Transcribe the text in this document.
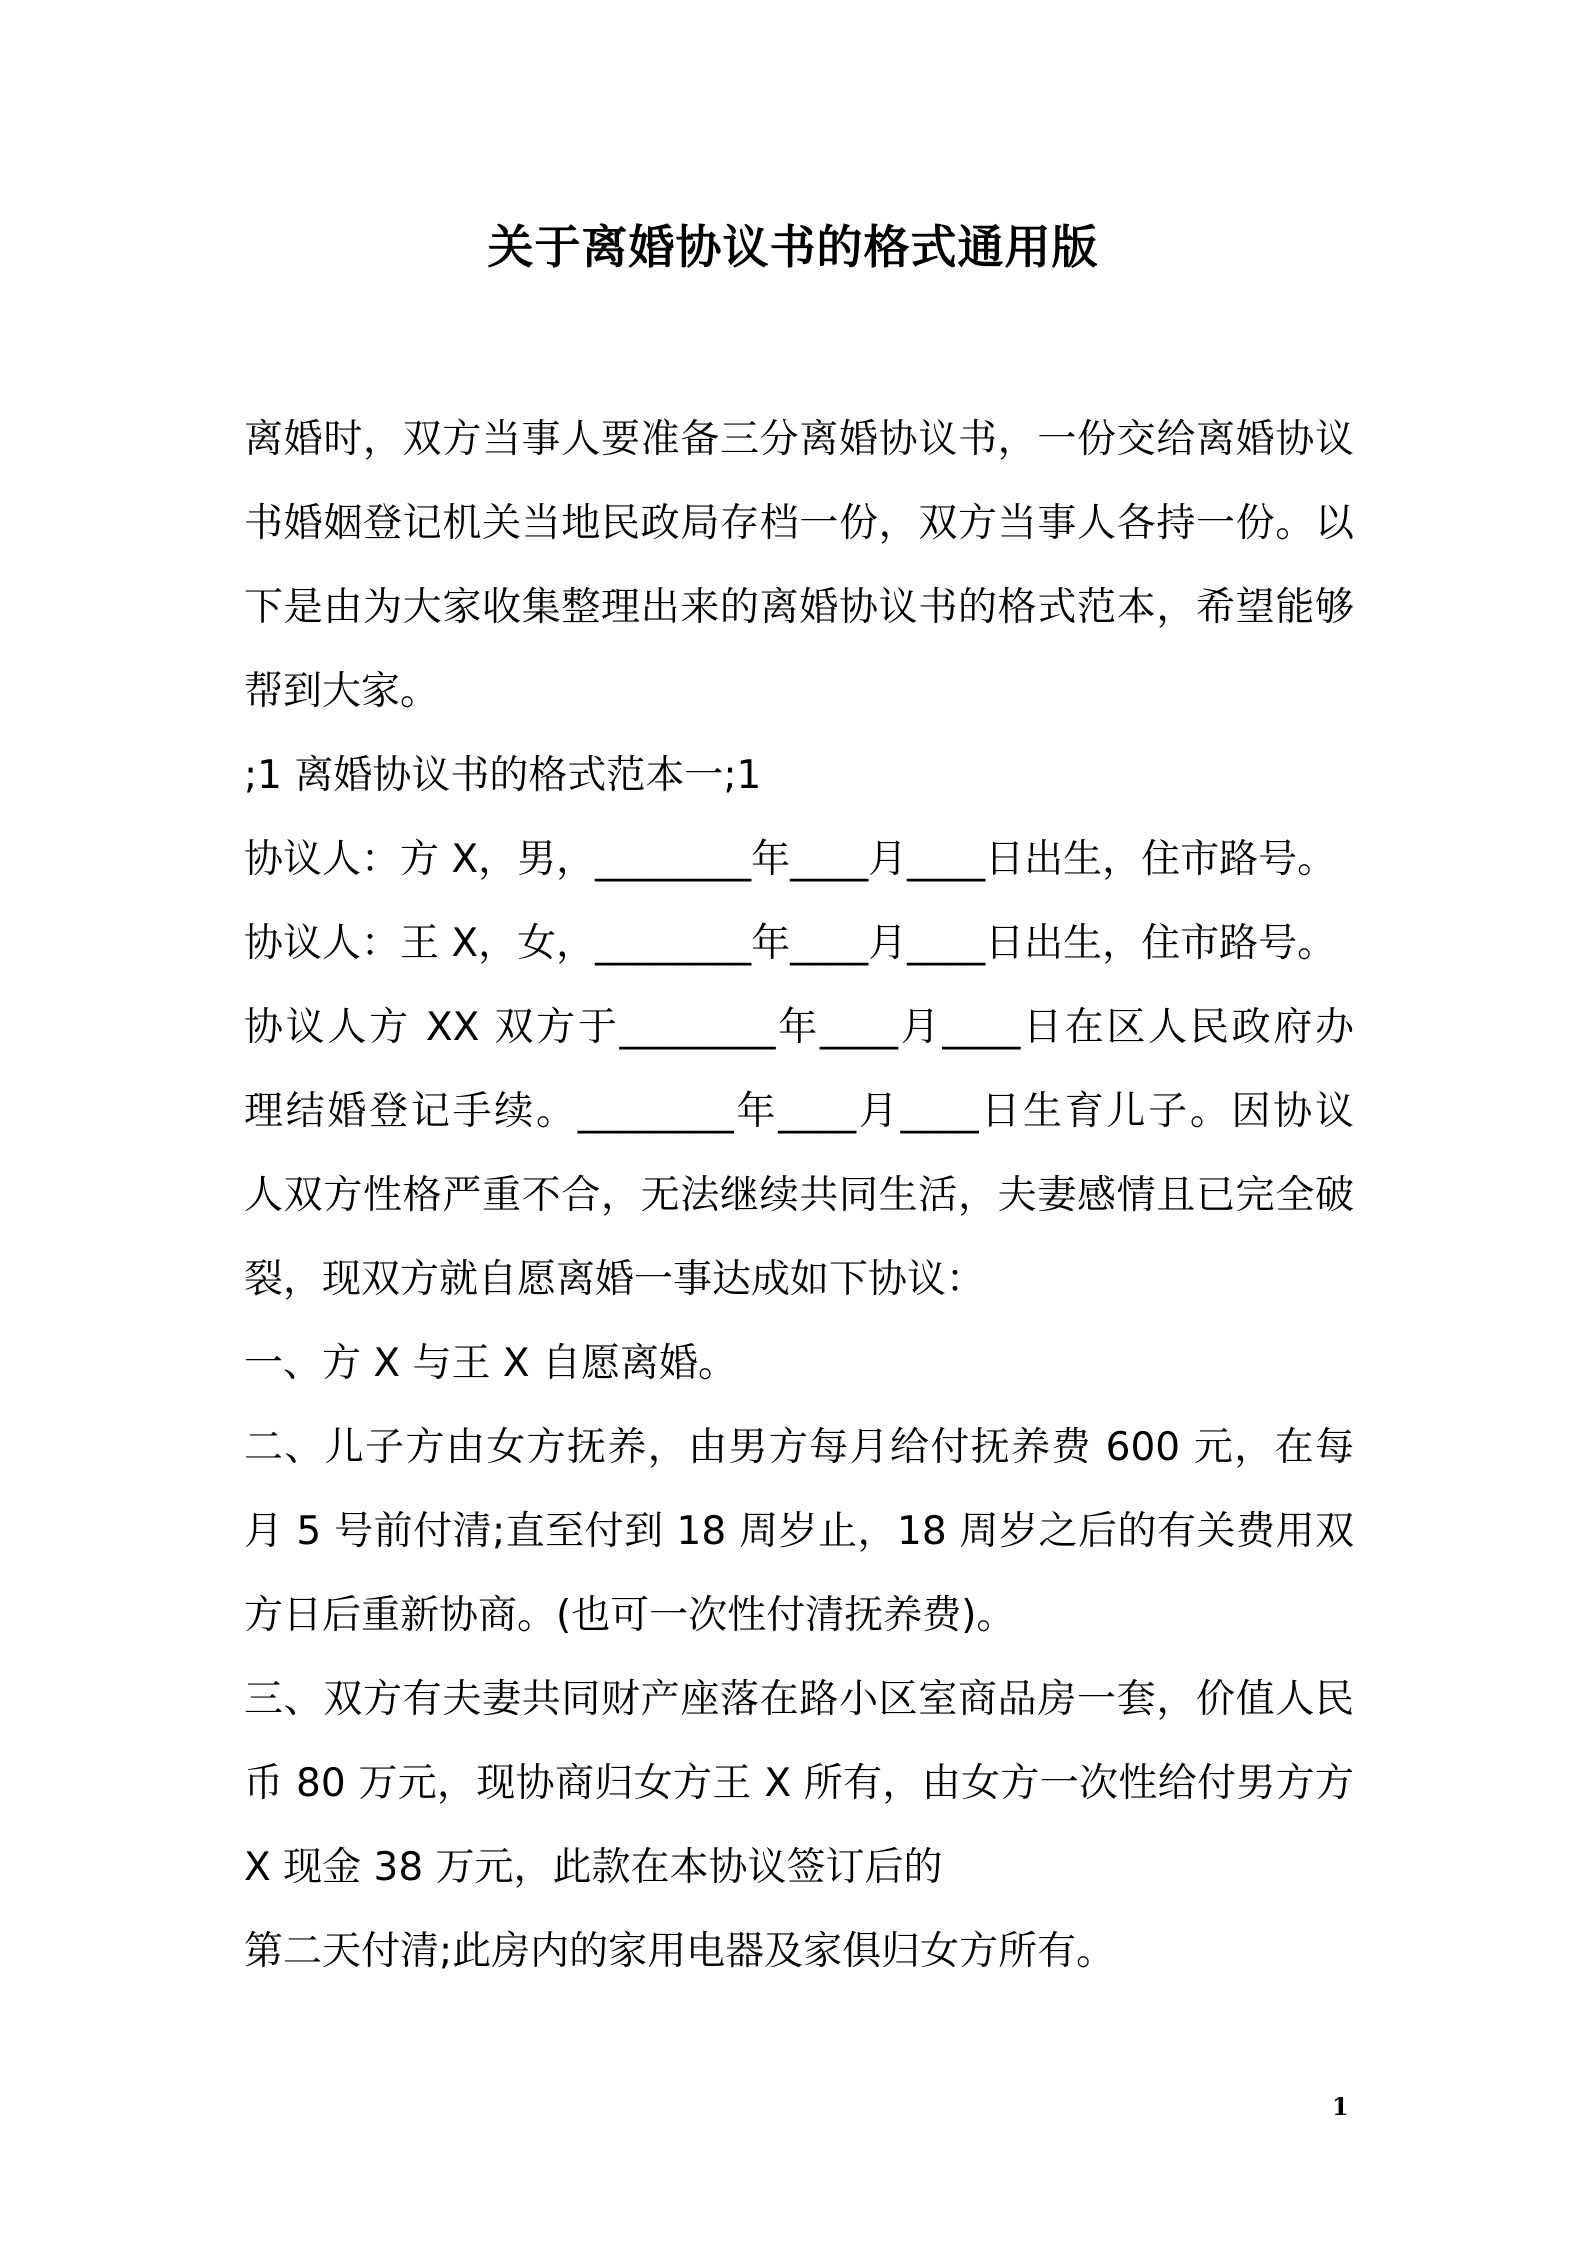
关于离婚协议书的格式通用版
离婚时，双方当事人要准备三分离婚协议书，一份交给离婚协议
书婚姻登记机关当地民政局存档一份，双方当事人各持一份。以
下是由为大家收集整理出来的离婚协议书的格式范本，希望能够
帮到大家。
;1 离婚协议书的格式范本一;1
协议人：方 X，男，________年____月____日出生，住市路号。
协议人：王 X，女，________年____月____日出生，住市路号。
协议人方 XX 双方于________年____月____日在区人民政府办
理结婚登记手续。________年____月____日生育儿子。因协议
人双方性格严重不合，无法继续共同生活，夫妻感情且已完全破
裂，现双方就自愿离婚一事达成如下协议：
一、方 X 与王 X 自愿离婚。
二、儿子方由女方抚养，由男方每月给付抚养费 600 元，在每
月 5 号前付清;直至付到 18 周岁止，18 周岁之后的有关费用双
方日后重新协商。(也可一次性付清抚养费)。
三、双方有夫妻共同财产座落在路小区室商品房一套，价值人民
币 80 万元，现协商归女方王 X 所有，由女方一次性给付男方方
X 现金 38 万元，此款在本协议签订后的
第二天付清;此房内的家用电器及家俱归女方所有。
1
